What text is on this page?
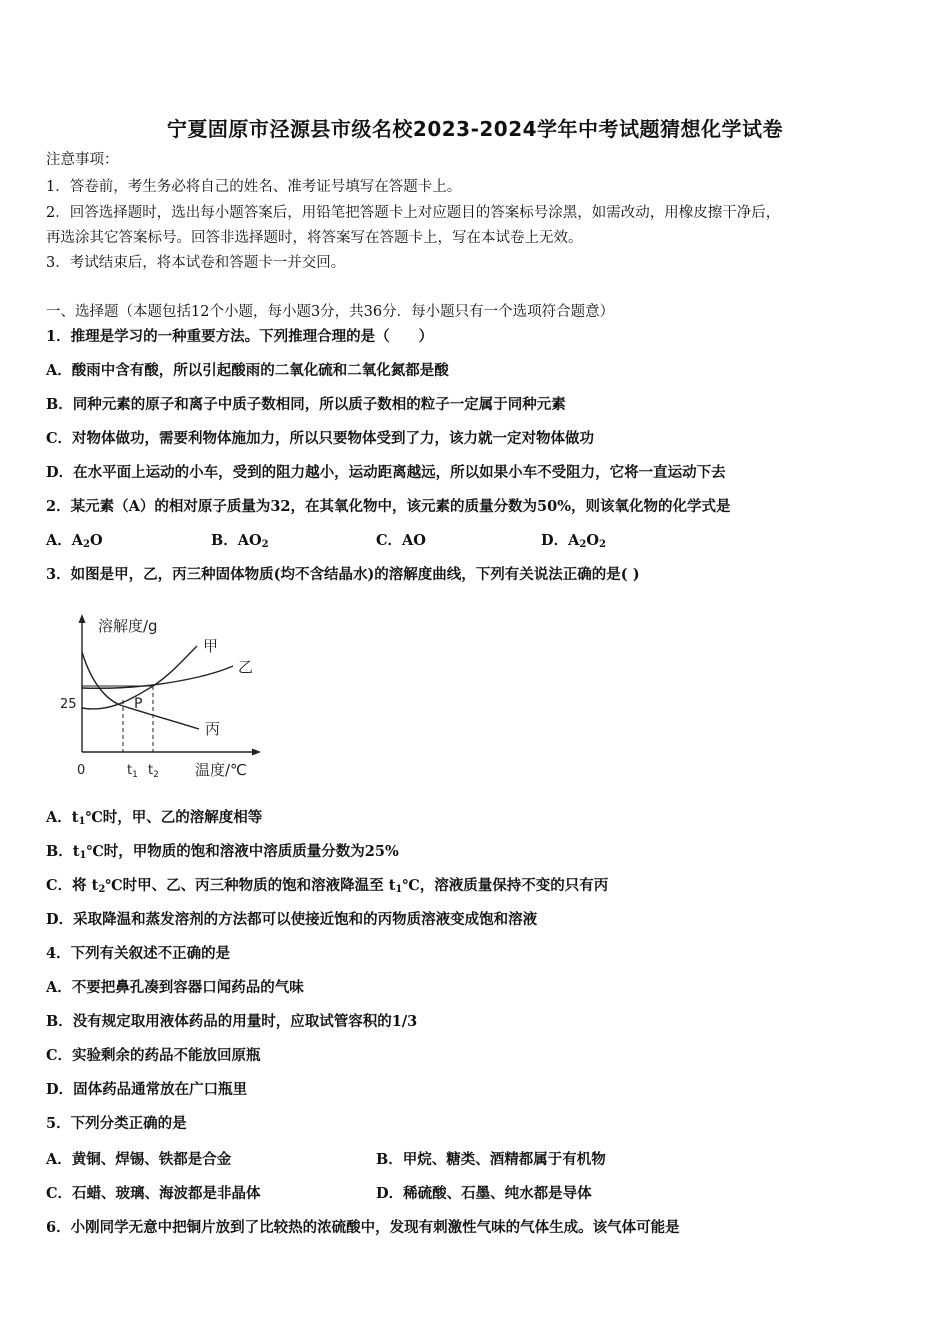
宁夏固原市泾源县市级名校2023-2024学年中考试题猜想化学试卷
注意事项：
1．答卷前，考生务必将自己的姓名、准考证号填写在答题卡上。
2．回答选择题时，选出每小题答案后，用铅笔把答题卡上对应题目的答案标号涂黑，如需改动，用橡皮擦干净后，
再选涂其它答案标号。回答非选择题时，将答案写在答题卡上，写在本试卷上无效。
3．考试结束后，将本试卷和答题卡一并交回。
一、选择题（本题包括12个小题，每小题3分，共36分．每小题只有一个选项符合题意）
1．推理是学习的一种重要方法。下列推理合理的是（　　）
A．酸雨中含有酸，所以引起酸雨的二氧化硫和二氧化氮都是酸
B．同种元素的原子和离子中质子数相同，所以质子数相的粒子一定属于同种元素
C．对物体做功，需要利物体施加力，所以只要物体受到了力，该力就一定对物体做功
D．在水平面上运动的小车，受到的阻力越小，运动距离越远，所以如果小车不受阻力，它将一直运动下去
2．某元素（A）的相对原子质量为32，在其氧化物中，该元素的质量分数为50%，则该氧化物的化学式是
A．$A_2O$	B．$AO_2$	C．AO	D．$A_2O_2$
3．如图是甲，乙，丙三种固体物质(均不含结晶水)的溶解度曲线，下列有关说法正确的是( )
溶解度/g
甲
乙
丙
P
25
0	$t_1$ $t_2$ 温度/℃
A．$t_1℃$时，甲、乙的溶解度相等
B．$t_1℃$时，甲物质的饱和溶液中溶质质量分数为25%
C．将 $t_2℃$时甲、乙、丙三种物质的饱和溶液降温至 $t_1℃$，溶液质量保持不变的只有丙
D．采取降温和蒸发溶剂的方法都可以使接近饱和的丙物质溶液变成饱和溶液
4．下列有关叙述不正确的是
A．不要把鼻孔凑到容器口闻药品的气味
B．没有规定取用液体药品的用量时，应取试管容积的1/3
C．实验剩余的药品不能放回原瓶
D．固体药品通常放在广口瓶里
5．下列分类正确的是
A．黄铜、焊锡、铁都是合金	B．甲烷、糖类、酒精都属于有机物
C．石蜡、玻璃、海波都是非晶体	D．稀硫酸、石墨、纯水都是导体
6．小刚同学无意中把铜片放到了比较热的浓硫酸中，发现有刺激性气味的气体生成。该气体可能是
